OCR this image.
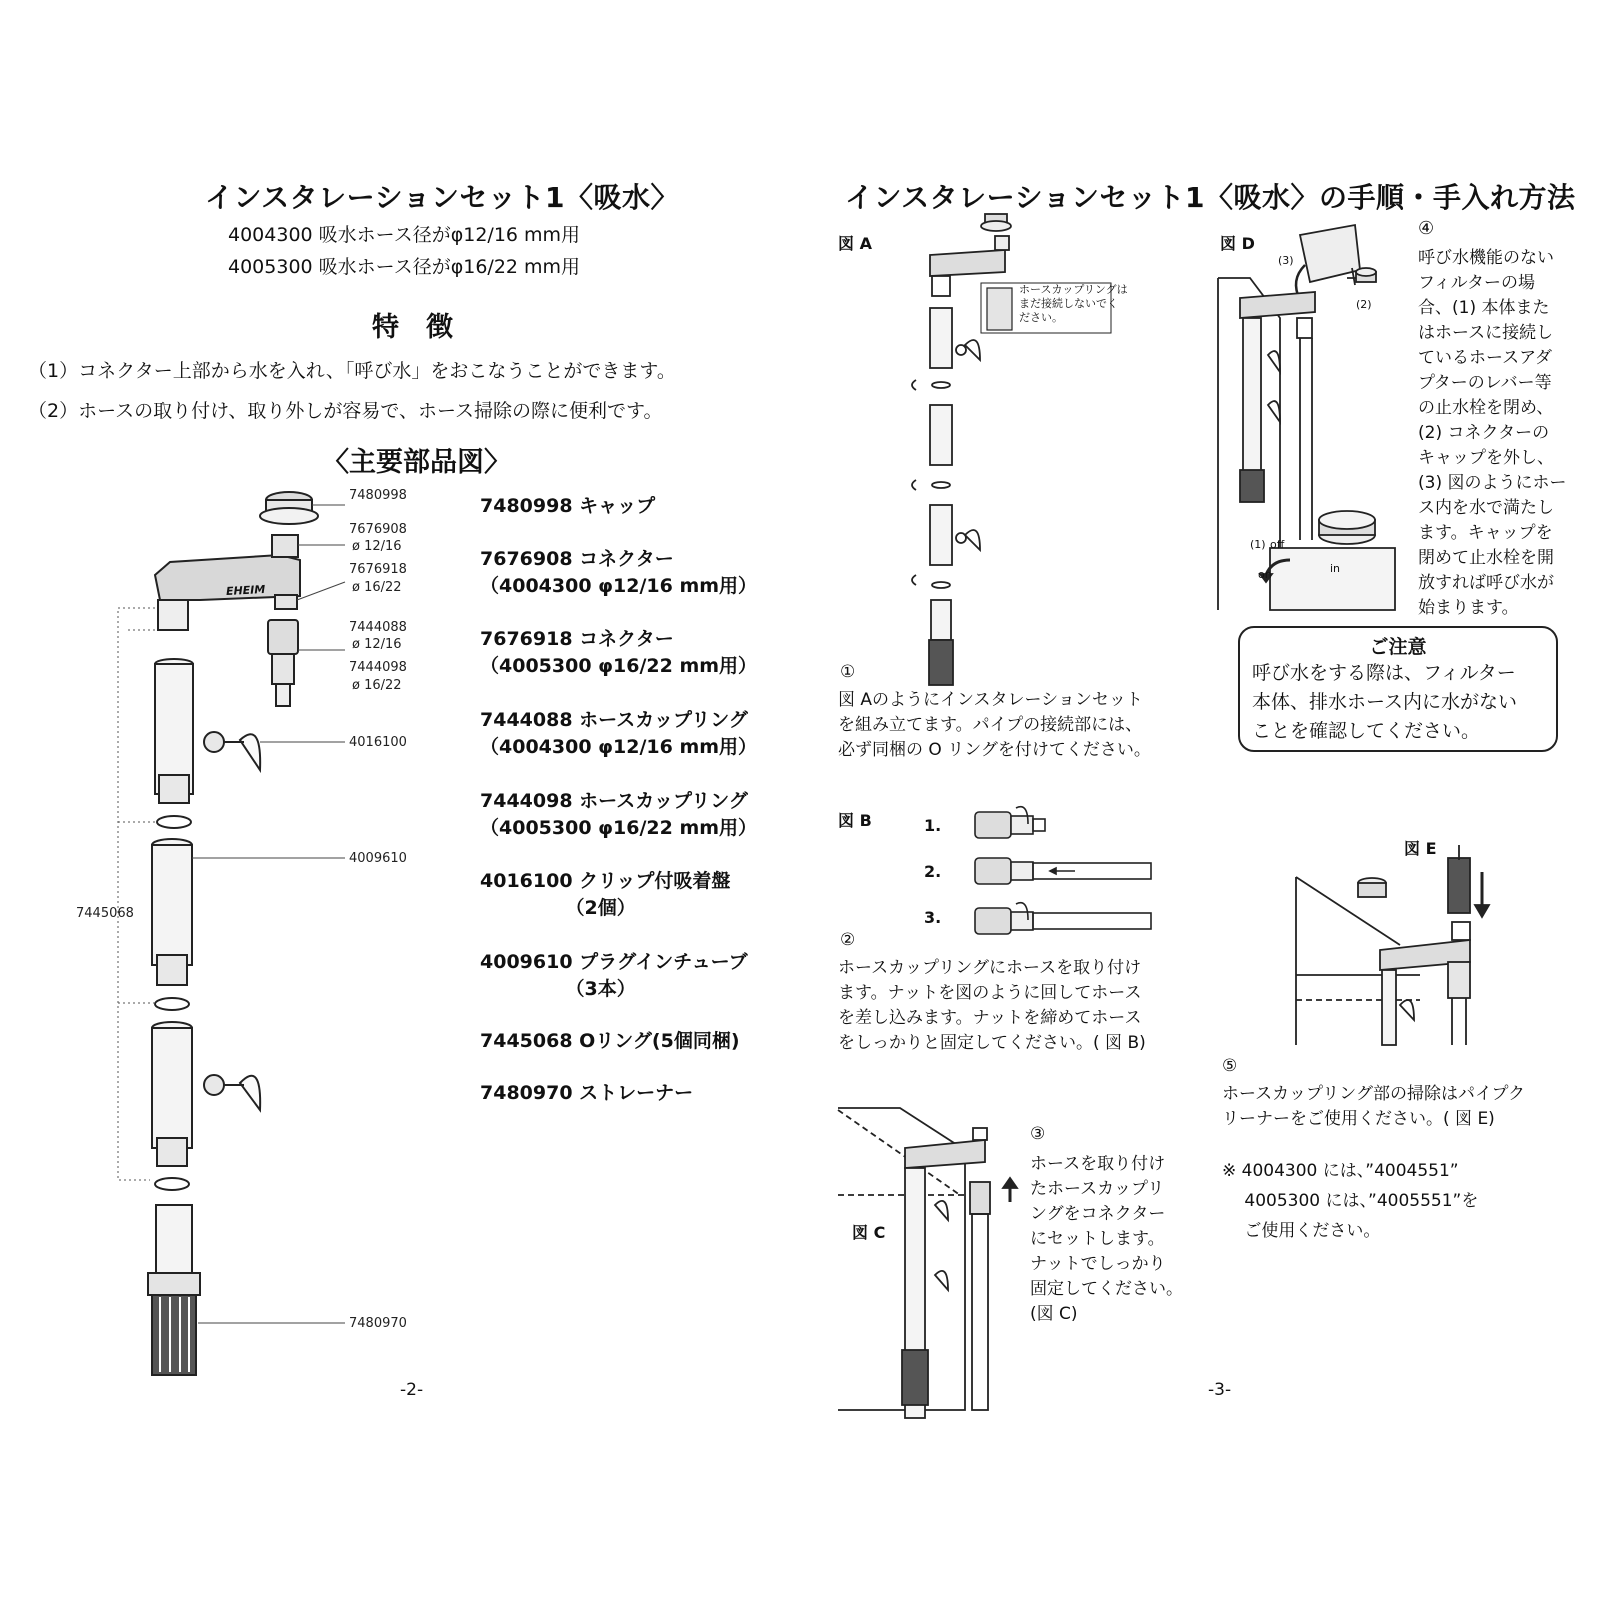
インスタレーションセット1〈吸水〉
4004300 吸水ホース径がφ12/16 mm用
4005300 吸水ホース径がφ16/22 mm用
特　徴
（1）コネクター上部から水を入れ、「呼び水」をおこなうことができます。
（2）ホースの取り付け、取り外しが容易で、ホース掃除の際に便利です。
〈主要部品図〉
7480998
7676908
ø 12/16
7676918
ø 16/22
7444088
ø 12/16
7444098
ø 16/22
4016100
4009610
7445068
7480970
EHEIM
7480998 キャップ
7676908 コネクター
（4004300 φ12/16 mm用）
7676918 コネクター
（4005300 φ16/22 mm用）
7444088 ホースカップリング
（4004300 φ12/16 mm用）
7444098 ホースカップリング
（4005300 φ16/22 mm用）
4016100 クリップ付吸着盤
　　　　　（2個）
4009610 プラグインチューブ
　　　　　（3本）
7445068 Oリング(5個同梱)
7480970 ストレーナー
-2-
インスタレーションセット1〈吸水〉の手順・手入れ方法
図 A
ホースカップリングは
まだ接続しないでく
ださい。
①
図 Aのようにインスタレーションセット
を組み立てます。パイプの接続部には、
必ず同梱の O リングを付けてください。
図 B	1.
2.
3.
②
ホースカップリングにホースを取り付け
ます。ナットを図のように回してホース
を差し込みます。ナットを締めてホース
をしっかりと固定してください。( 図 B)
図 C
③
ホースを取り付け
たホースカップリ
ングをコネクター
にセットします。
ナットでしっかり
固定してください。
(図 C)
図 D
(3)
(2)
(1) off
on	in
④
呼び水機能のない
フィルターの場
合、(1) 本体また
はホースに接続し
ているホースアダ
プターのレバー等
の止水栓を閉め、
(2) コネクターの
キャップを外し、
(3) 図のようにホー
ス内を水で満たし
ます。キャップを
閉めて止水栓を開
放すれば呼び水が
始まります。
ご注意
呼び水をする際は、フィルター
本体、排水ホース内に水がない
ことを確認してください。
図 E
⑤
ホースカップリング部の掃除はパイプク
リーナーをご使用ください。( 図 E)
※ 4004300 には、”4004551”
　 4005300 には、”4005551”を
　 ご使用ください。
-3-
